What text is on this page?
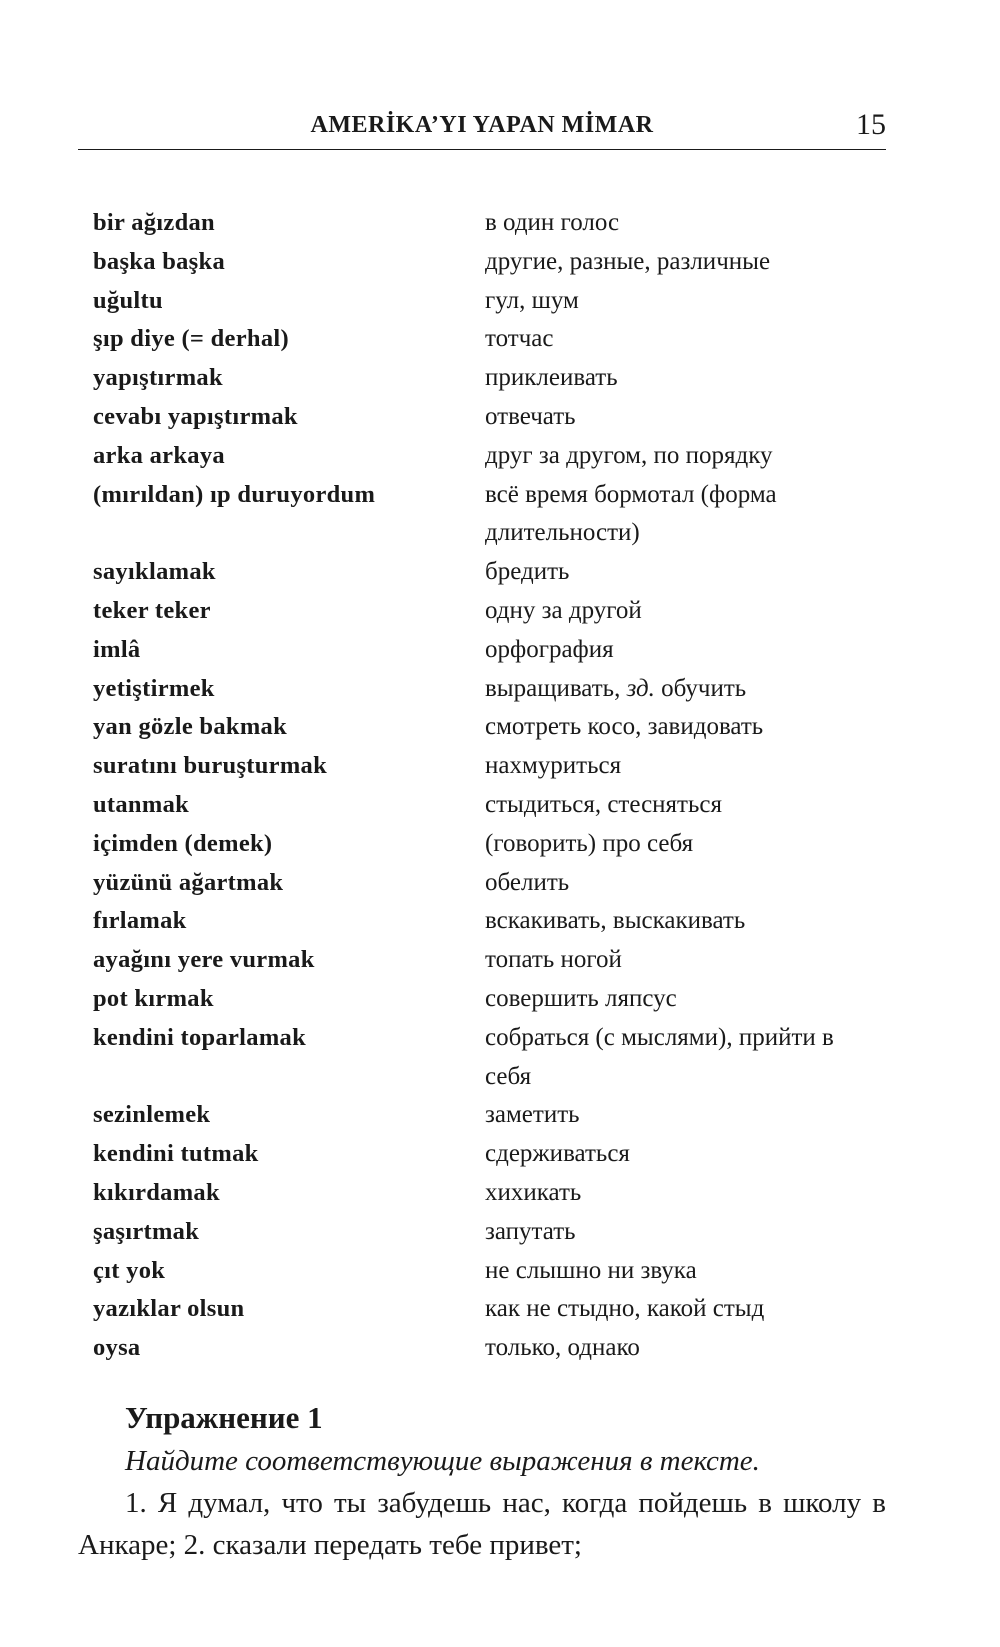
AMERİKA’YI YAPAN MİMAR	15
bir ağızdan	в один голос
başka başka	другие, разные, различные
uğultu	гул, шум
şıp diye (= derhal)	тотчас
yapıştırmak	приклеивать
cevabı yapıştırmak	отвечать
arka arkaya	друг за другом, по порядку
(mırıldan) ıp duruyordum	всё время бормотал (форма длительности)
sayıklamak	бредить
teker teker	одну за другой
imlâ	орфография
yetiştirmek	выращивать, зд. обучить
yan gözle bakmak	смотреть косо, завидовать
suratını buruşturmak	нахмуриться
utanmak	стыдиться, стесняться
içimden (demek)	(говорить) про себя
yüzünü ağartmak	обелить
fırlamak	вскакивать, выскакивать
ayağını yere vurmak	топать ногой
pot kırmak	совершить ляпсус
kendini toparlamak	собраться (с мыслями), прийти в себя
sezinlemek	заметить
kendini tutmak	сдерживаться
kıkırdamak	хихикать
şaşırtmak	запутать
çıt yok	не слышно ни звука
yazıklar olsun	как не стыдно, какой стыд
oysa	только, однако
Упражнение 1

Найдите соответствующие выражения в тексте.

1. Я думал, что ты забудешь нас, когда пойдешь в школу в Анкаре; 2. сказали передать тебе привет;
